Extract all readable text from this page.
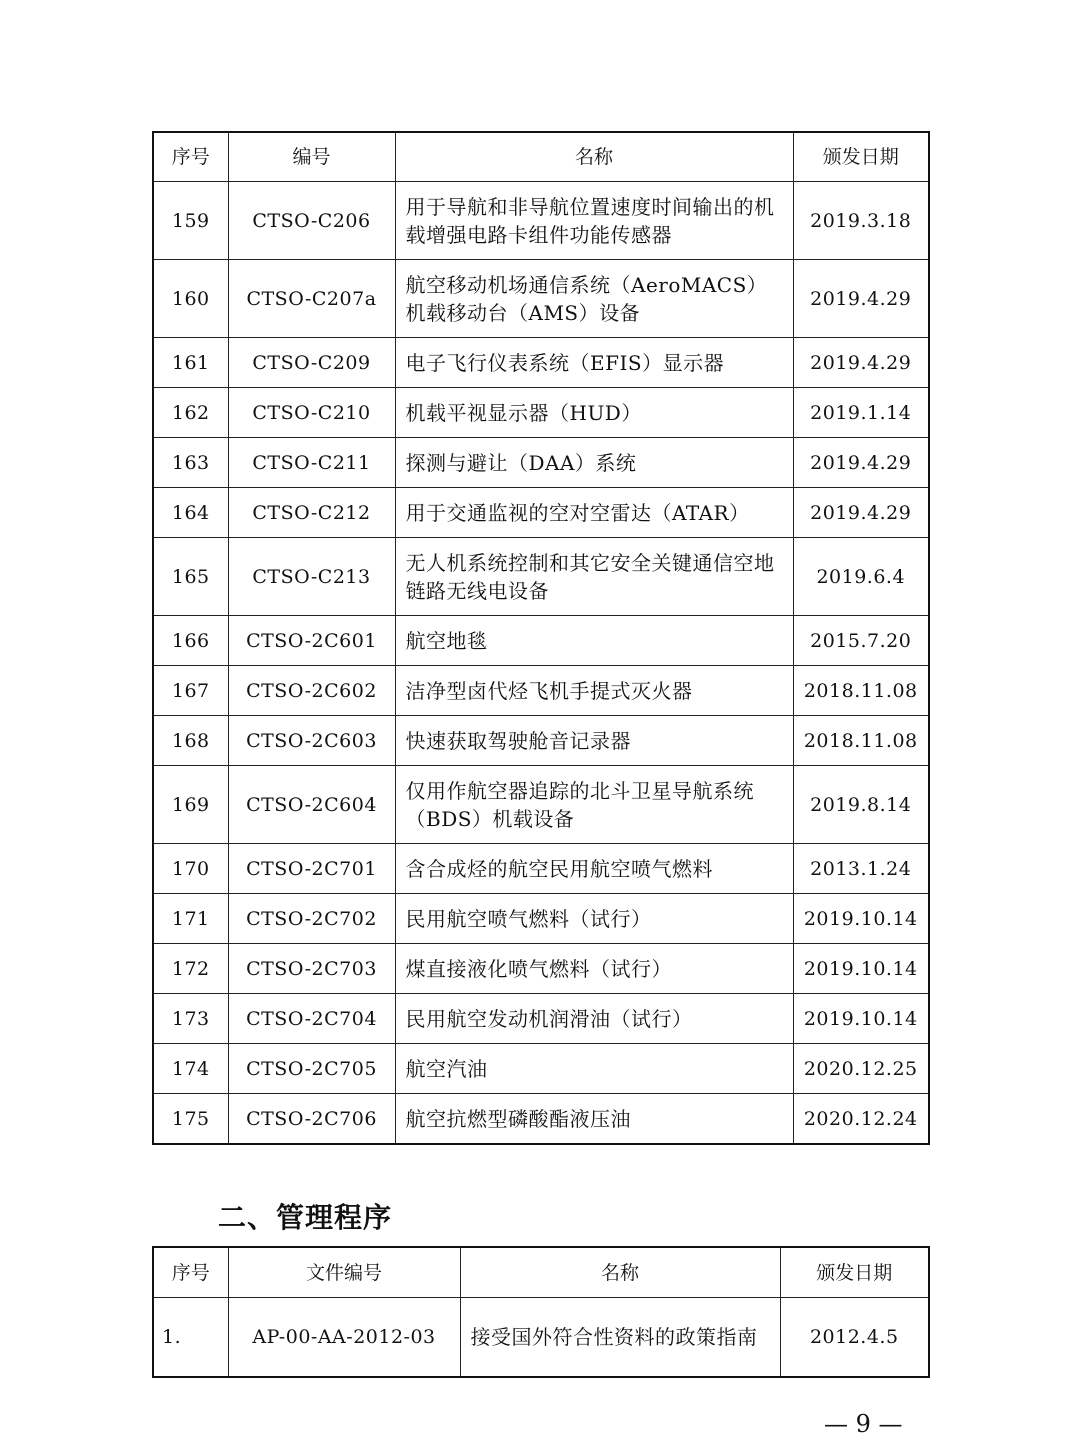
序号	编号	名称	颁发日期
159	CTSO-C206	用于导航和非导航位置速度时间输出的机载增强电路卡组件功能传感器	2019.3.18
160	CTSO-C207a	航空移动机场通信系统（AeroMACS）机载移动台（AMS）设备	2019.4.29
161	CTSO-C209	电子飞行仪表系统（EFIS）显示器	2019.4.29
162	CTSO-C210	机载平视显示器（HUD）	2019.1.14
163	CTSO-C211	探测与避让（DAA）系统	2019.4.29
164	CTSO-C212	用于交通监视的空对空雷达（ATAR）	2019.4.29
165	CTSO-C213	无人机系统控制和其它安全关键通信空地链路无线电设备	2019.6.4
166	CTSO-2C601	航空地毯	2015.7.20
167	CTSO-2C602	洁净型卤代烃飞机手提式灭火器	2018.11.08
168	CTSO-2C603	快速获取驾驶舱音记录器	2018.11.08
169	CTSO-2C604	仅用作航空器追踪的北斗卫星导航系统（BDS）机载设备	2019.8.14
170	CTSO-2C701	含合成烃的航空民用航空喷气燃料	2013.1.24
171	CTSO-2C702	民用航空喷气燃料（试行）	2019.10.14
172	CTSO-2C703	煤直接液化喷气燃料（试行）	2019.10.14
173	CTSO-2C704	民用航空发动机润滑油（试行）	2019.10.14
174	CTSO-2C705	航空汽油	2020.12.25
175	CTSO-2C706	航空抗燃型磷酸酯液压油	2020.12.24
二、管理程序
序号	文件编号	名称	颁发日期
1.	AP-00-AA-2012-03	接受国外符合性资料的政策指南	2012.4.5
— 9 —
